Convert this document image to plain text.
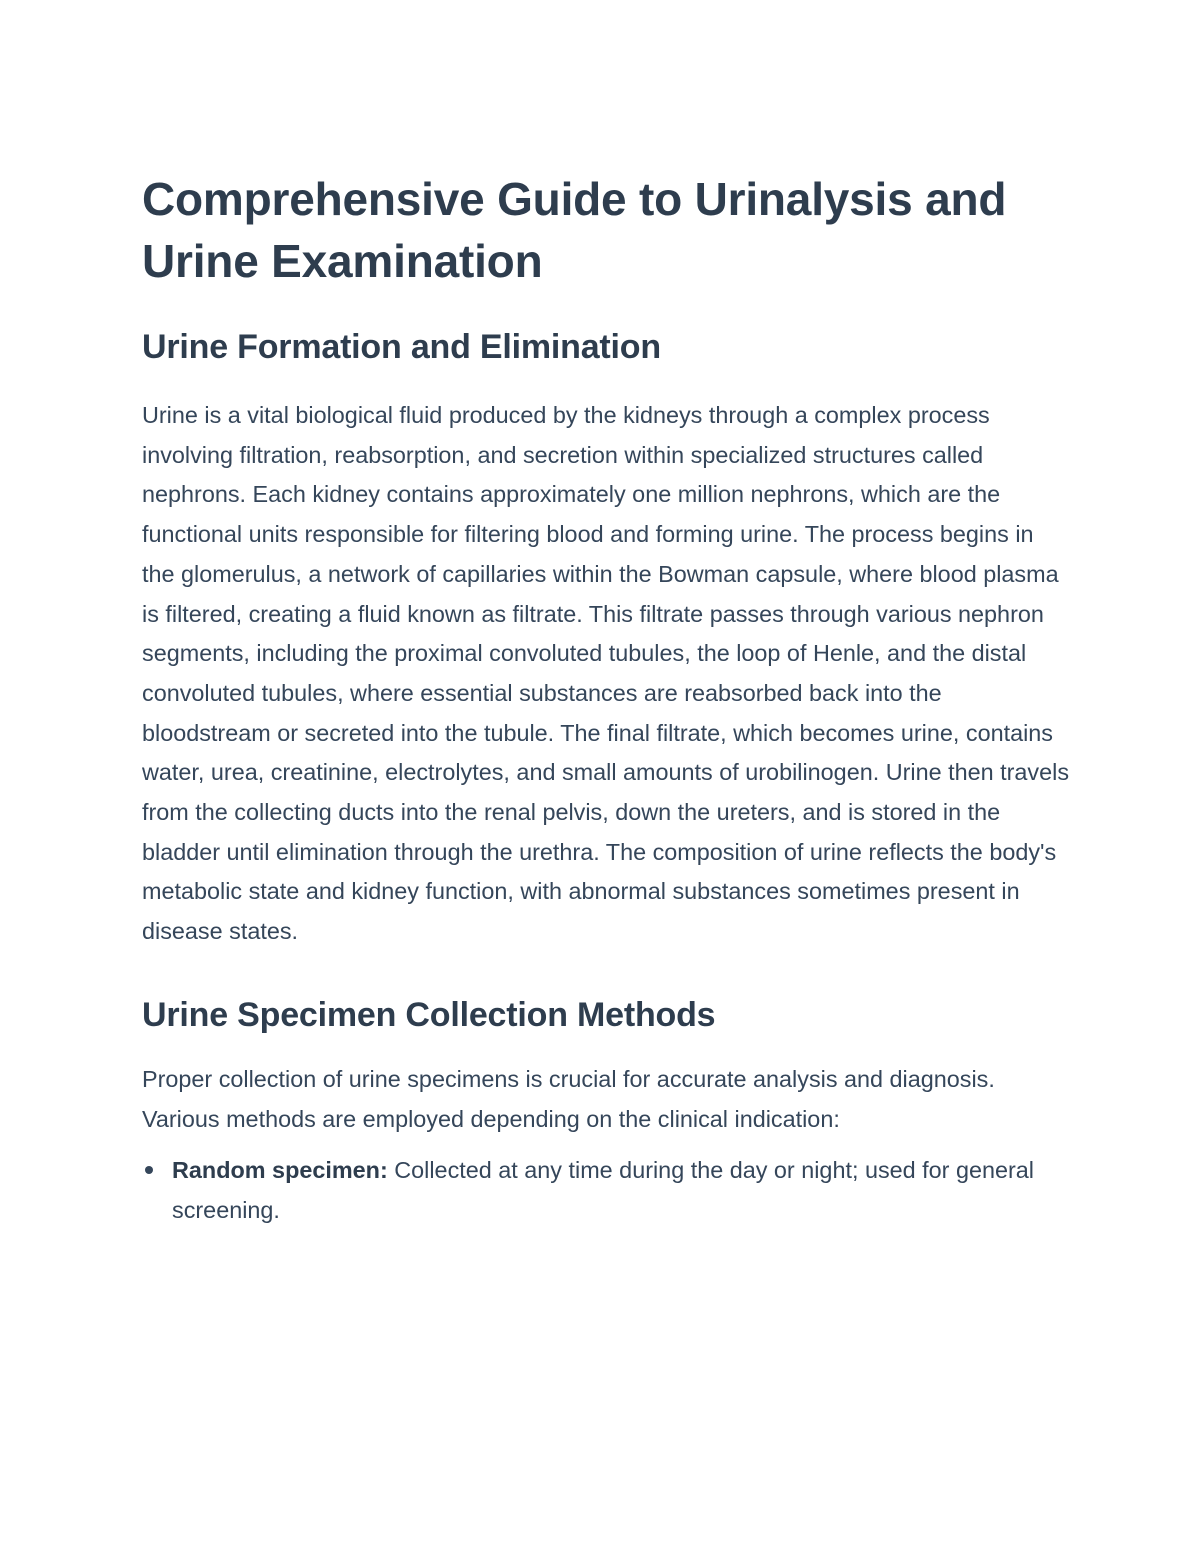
Comprehensive Guide to Urinalysis and Urine Examination
Urine Formation and Elimination

Urine is a vital biological fluid produced by the kidneys through a complex process involving filtration, reabsorption, and secretion within specialized structures called nephrons. Each kidney contains approximately one million nephrons, which are the functional units responsible for filtering blood and forming urine. The process begins in the glomerulus, a network of capillaries within the Bowman capsule, where blood plasma is filtered, creating a fluid known as filtrate. This filtrate passes through various nephron segments, including the proximal convoluted tubules, the loop of Henle, and the distal convoluted tubules, where essential substances are reabsorbed back into the bloodstream or secreted into the tubule. The final filtrate, which becomes urine, contains water, urea, creatinine, electrolytes, and small amounts of urobilinogen. Urine then travels from the collecting ducts into the renal pelvis, down the ureters, and is stored in the bladder until elimination through the urethra. The composition of urine reflects the body's metabolic state and kidney function, with abnormal substances sometimes present in disease states.

Urine Specimen Collection Methods

Proper collection of urine specimens is crucial for accurate analysis and diagnosis. Various methods are employed depending on the clinical indication:

Random specimen: Collected at any time during the day or night; used for general screening.
